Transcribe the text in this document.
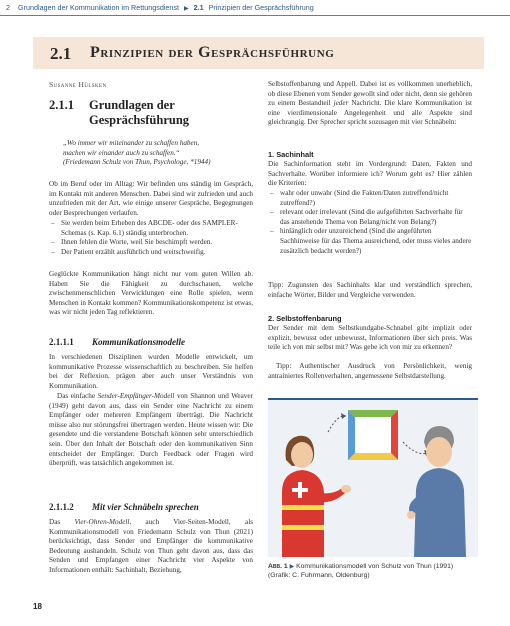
2 Grundlagen der Kommunikation im Rettungsdienst ▶ 2.1 Prinzipien der Gesprächsführung
2.1 Prinzipien der Gesprächsführung
Susanne Hülsken
2.1.1 Grundlagen der
Gesprächsführung
„Wo immer wir miteinander zu schaffen haben,
machen wir einander auch zu schaffen.“
(Friedemann Schulz von Thun, Psychologe, *1944)
Ob im Beruf oder im Alltag: Wir befinden uns ständig im Gespräch, im Kontakt mit anderen Menschen. Dabei sind wir zufrieden und auch unzufrieden mit der Art, wie einige unserer Gespräche, Begegnungen oder Besprechungen verlaufen.
– Sie werden beim Erheben des ABCDE- oder des SAMPLER-Schemas (s. Kap. 6.1) ständig unterbrochen.
– Ihnen fehlen die Worte, weil Sie beschimpft werden.
– Der Patient erzählt ausführlich und weitschweifig.
Geglückte Kommunikation hängt nicht nur vom guten Willen ab. Haben Sie die Fähigkeit zu durchschauen, welche zwischenmenschlichen Verwicklungen eine Rolle spielen, wenn Menschen in Kontakt kommen? Kommunikationskompetenz ist etwas, was wir nicht jeden Tag reflektieren.
2.1.1.1 Kommunikationsmodelle
In verschiedenen Disziplinen wurden Modelle entwickelt, um kommunikative Prozesse wissenschaftlich zu beschreiben. Sie helfen bei der Reflexion, prägen aber auch unser Verständnis von Kommunikation.
Das einfache Sender-Empfänger-Modell von Shannon und Weaver (1949) geht davon aus, dass ein Sender eine Nachricht zu einem Empfänger oder mehreren Empfängern überträgt. Die Nachricht müsse also nur störungsfrei übertragen werden. Heute wissen wir: Die gesendete und die verstandene Botschaft können sehr unterschiedlich sein. Über den Inhalt der Botschaft oder den kommunikativen Sinn entscheidet der Empfänger. Durch Feedback oder Fragen wird überprüft, was tatsächlich angekommen ist.
2.1.1.2 Mit vier Schnäbeln sprechen
Das Vier-Ohren-Modell, auch Vier-Seiten-Modell, als Kommunikationsmodell von Friedemann Schulz von Thun (2021) berücksichtigt, dass Sender und Empfänger die kommunikative Bedeutung aushandeln. Schulz von Thun geht davon aus, dass das Senden und Empfangen einer Nachricht vier Aspekte von Informationen enthält: Sachinhalt, Beziehung,
Selbstoffenbarung und Appell. Dabei ist es vollkommen unerheblich, ob diese Ebenen vom Sender gewollt sind oder nicht, denn sie gehören zu einem Bestandteil jeder Nachricht. Die klare Kommunikation ist eine vierdimensionale Angelegenheit und alle Aspekte sind gleichrangig. Der Sprecher spricht sozusagen mit vier Schnäbeln:
1. Sachinhalt
Die Sachinformation steht im Vordergrund: Daten, Fakten und Sachverhalte. Worüber informiere ich? Worum geht es? Hier zählen die Kriterien:
– wahr oder unwahr (Sind die Fakten/Daten zutreffend/nicht zutreffend?)
– relevant oder irrelevant (Sind die aufgeführten Sachverhalte für das anstehende Thema von Belang/nicht von Belang?)
– hinlänglich oder unzureichend (Sind die angeführten Sachhinweise für das Thema ausreichend, oder muss vieles andere zusätzlich bedacht werden?)
Tipp: Zugunsten des Sachinhalts klar und verständlich sprechen, einfache Wörter, Bilder und Vergleiche verwenden.
2. Selbstoffenbarung
Der Sender mit dem Selbstkundgabe-Schnabel gibt implizit oder explizit, bewusst oder unbewusst, Informationen über sich preis. Was teile ich von mir selbst mit? Was gebe ich von mir zu erkennen?
Tipp: Authentischer Ausdruck von Persönlichkeit, wenig antrainiertes Rollenverhalten, angemessene Selbstdarstellung.
Abb. 1 ▶ Kommunikationsmodell von Schulz von Thun (1991)
(Grafik: C. Fuhrmann, Oldenburg)
18
